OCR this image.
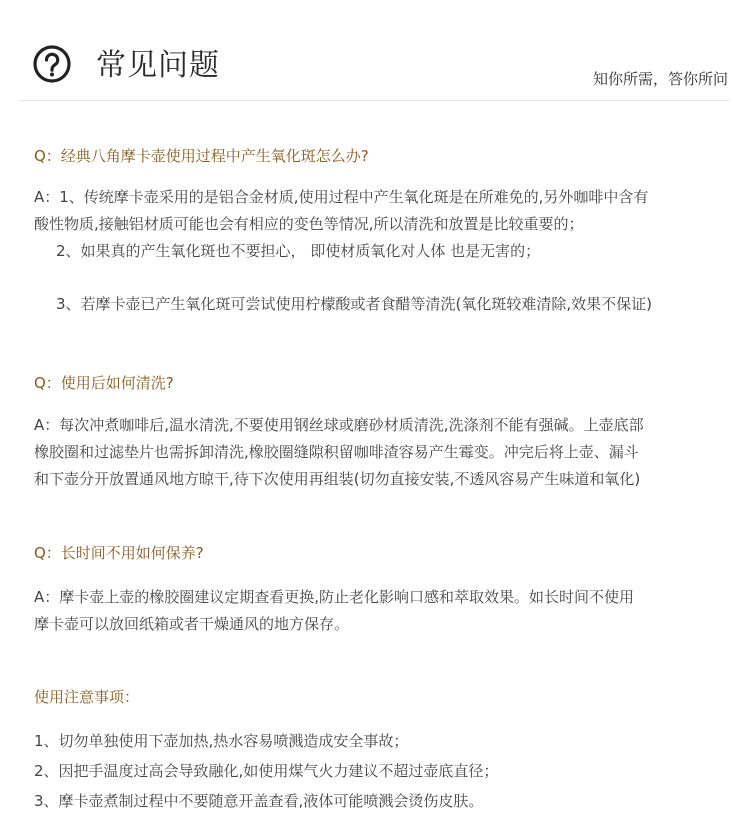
常见问题	知你所需，答你所问
Q：经典八角摩卡壶使用过程中产生氧化斑怎么办?

A：1、传统摩卡壶采用的是铝合金材质,使用过程中产生氧化斑是在所难免的,另外咖啡中含有

酸性物质,接触铝材质可能也会有相应的变色等情况,所以清洗和放置是比较重要的；

2、如果真的产生氧化斑也不要担心， 即使材质氧化对人体 也是无害的；

3、若摩卡壶已产生氧化斑可尝试使用柠檬酸或者食醋等清洗(氧化斑较难清除,效果不保证)

Q：使用后如何清洗?

A：每次冲煮咖啡后,温水清洗,不要使用钢丝球或磨砂材质清洗,洗涤剂不能有强碱。上壶底部

橡胶圈和过滤垫片也需拆卸清洗,橡胶圈缝隙积留咖啡渣容易产生霉变。冲完后将上壶、漏斗

和下壶分开放置通风地方晾干,待下次使用再组装(切勿直接安装,不透风容易产生味道和氧化)

Q：长时间不用如何保养?

A：摩卡壶上壶的橡胶圈建议定期查看更换,防止老化影响口感和萃取效果。如长时间不使用

摩卡壶可以放回纸箱或者干燥通风的地方保存。

使用注意事项：

1、切勿单独使用下壶加热,热水容易喷溅造成安全事故；

2、因把手温度过高会导致融化,如使用煤气火力建议不超过壶底直径；

3、摩卡壶煮制过程中不要随意开盖查看,液体可能喷溅会烫伤皮肤。
